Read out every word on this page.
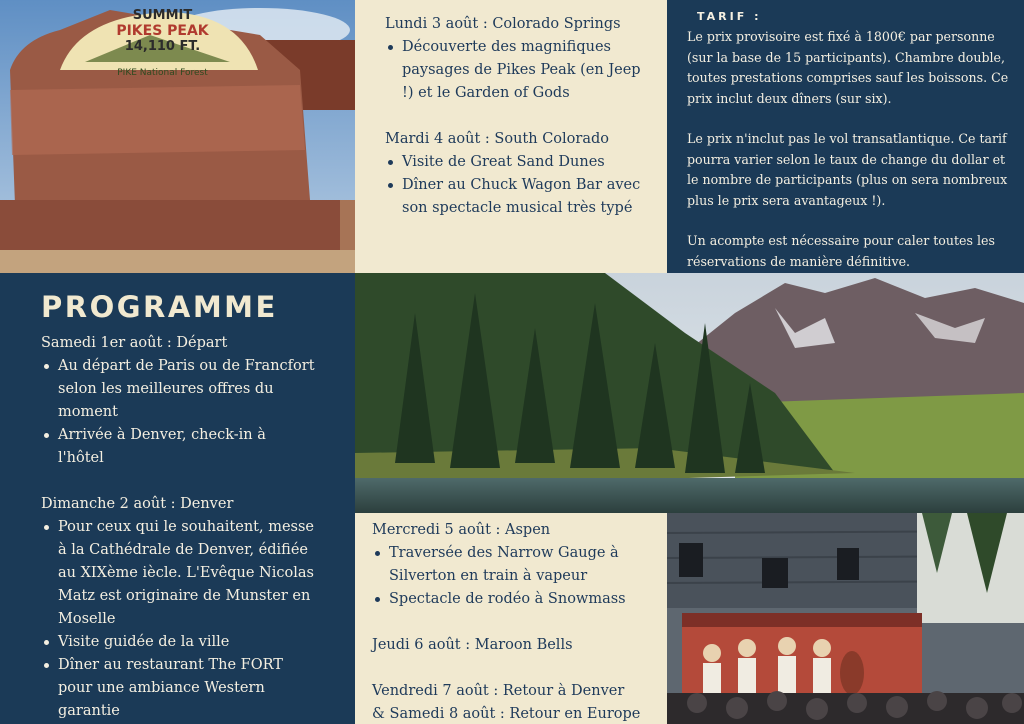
SUMMIT
PIKES PEAK
14,110 FT.
PIKE National Forest

Lundi 3 août : Colorado Springs

Découverte des magnifiques paysages de Pikes Peak (en Jeep !) et le Garden of Gods

Mardi 4 août : South Colorado

Visite de Great Sand Dunes
Dîner au Chuck Wagon Bar avec son spectacle musical très typé
TARIF :

Le prix provisoire est fixé à 1800€ par personne (sur la base de 15 participants). Chambre double, toutes prestations comprises sauf les boissons. Ce prix inclut deux dîners (sur six).

Le prix n'inclut pas le vol transatlantique. Ce tarif pourra varier selon le taux de change du dollar et le nombre de participants (plus on sera nombreux plus le prix sera avantageux !).

Un acompte est nécessaire pour caler toutes les réservations de manière définitive.

PROGRAMME

Samedi 1er août : Départ

Au départ de Paris ou de Francfort selon les meilleures offres du moment
Arrivée à Denver, check-in à l'hôtel

Dimanche 2 août : Denver

Pour ceux qui le souhaitent, messe à la Cathédrale de Denver, édifiée au XIXème iècle. L'Evêque Nicolas Matz est originaire de Munster en Moselle
Visite guidée de la ville
Dîner au restaurant The FORT pour une ambiance Western garantie

Mercredi 5 août : Aspen

Traversée des Narrow Gauge à Silverton en train à vapeur
Spectacle de rodéo à Snowmass

Jeudi 6 août : Maroon Bells

Vendredi 7 août : Retour à Denver

& Samedi 8 août : Retour en Europe
